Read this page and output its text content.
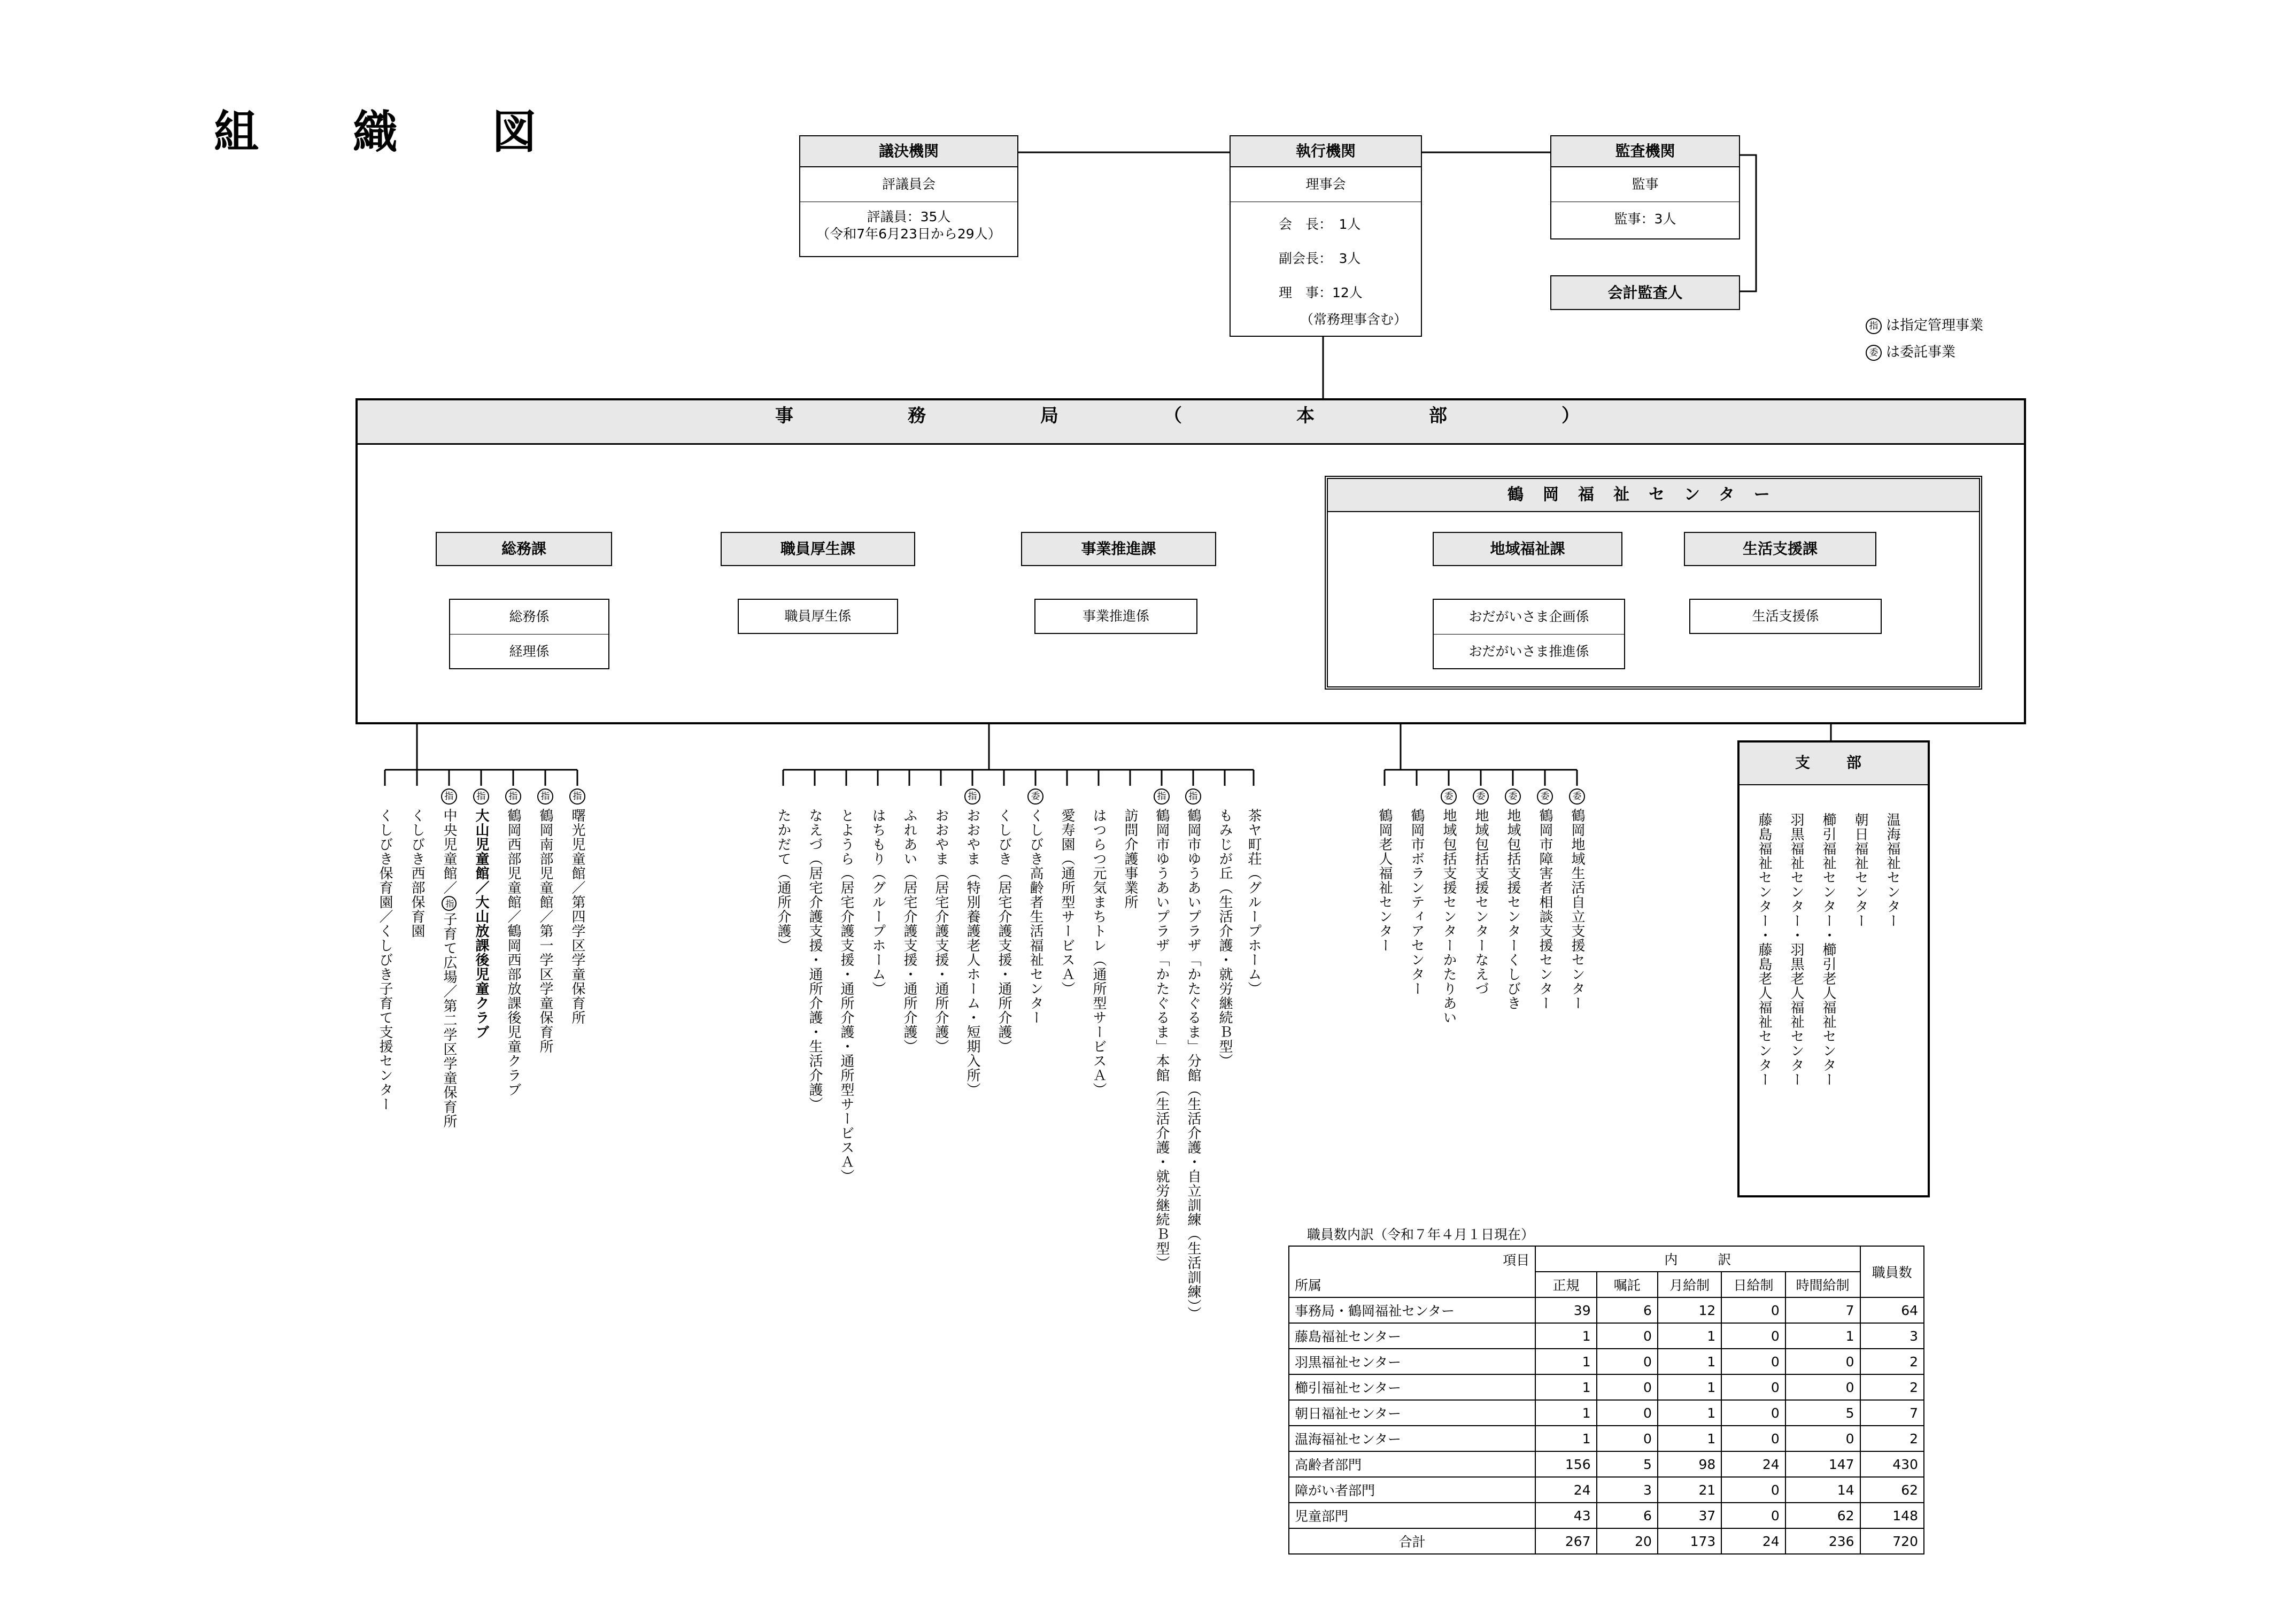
組　織　図
指 は指定管理事業
委 は委託事業
議決機関
評議員会
評議員：35人
（令和7年6月23日から29人）
執行機関
理事会
会　長：　1人
副会長：　3人
理　事：12人
（常務理事含む）
監査機関
監事
監事：3人
会計監査人
事　務　局　（　本　部　）
鶴岡福祉センター
総務課	職員厚生課	事業推進課	地域福祉課	生活支援課
総務係
経理係
職員厚生係	事業推進係	おだがいさま企画係
おだがいさま推進係
生活支援係
支　部
温海福祉センター
朝日福祉センター
櫛引福祉センター・櫛引老人福祉センター
羽黒福祉センター・羽黒老人福祉センター
藤島福祉センター・藤島老人福祉センター
指
曙光児童館／第四学区学童保育所
指
鶴岡南部児童館／第一学区学童保育所
指
鶴岡西部児童館／鶴岡西部放課後児童クラブ
指
大山児童館／大山放課後児童クラブ
指
中央児童館／指子育て広場／第二学区学童保育所
くしびき西部保育園
くしびき保育園／くしびき子育て支援センター	茶ヤ町荘（グループホーム）
もみじが丘（生活介護・就労継続Ｂ型）
指
鶴岡市ゆうあいプラザ「かたぐるま」分館（生活介護・自立訓練（生活訓練））
指
鶴岡市ゆうあいプラザ「かたぐるま」本館（生活介護・就労継続Ｂ型）
訪問介護事業所
はつらつ元気まちトレ（通所型サービスＡ）
愛寿園（通所型サービスＡ）
委
くしびき高齢者生活福祉センター
くしびき（居宅介護支援・通所介護）
指
おおやま（特別養護老人ホーム・短期入所）
おおやま（居宅介護支援・通所介護）
ふれあい（居宅介護支援・通所介護）
はちもり（グループホーム）
とようら（居宅介護支援・通所介護・通所型サービスＡ）
なえづ（居宅介護支援・通所介護・生活介護）
たかだて（通所介護）
委
鶴岡地域生活自立支援センター
委
鶴岡市障害者相談支援センター
委
地域包括支援センターくしびき
委
地域包括支援センターなえづ
委
地域包括支援センターかたりあい
鶴岡市ボランティアセンター
鶴岡老人福祉センター
職員数内訳（令和７年４月１日現在）
項目	内　　　訳					職員数
所属	正規	嘱託	月給制	日給制	時間給制	
事務局・鶴岡福祉センター	39	6	12	0	7	64
藤島福祉センター	1	0	1	0	1	3
羽黒福祉センター	1	0	1	0	0	2
櫛引福祉センター	1	0	1	0	0	2
朝日福祉センター	1	0	1	0	5	7
温海福祉センター	1	0	1	0	0	2
高齢者部門	156	5	98	24	147	430
障がい者部門	24	3	21	0	14	62
児童部門	43	6	37	0	62	148
合計	267	20	173	24	236	720
